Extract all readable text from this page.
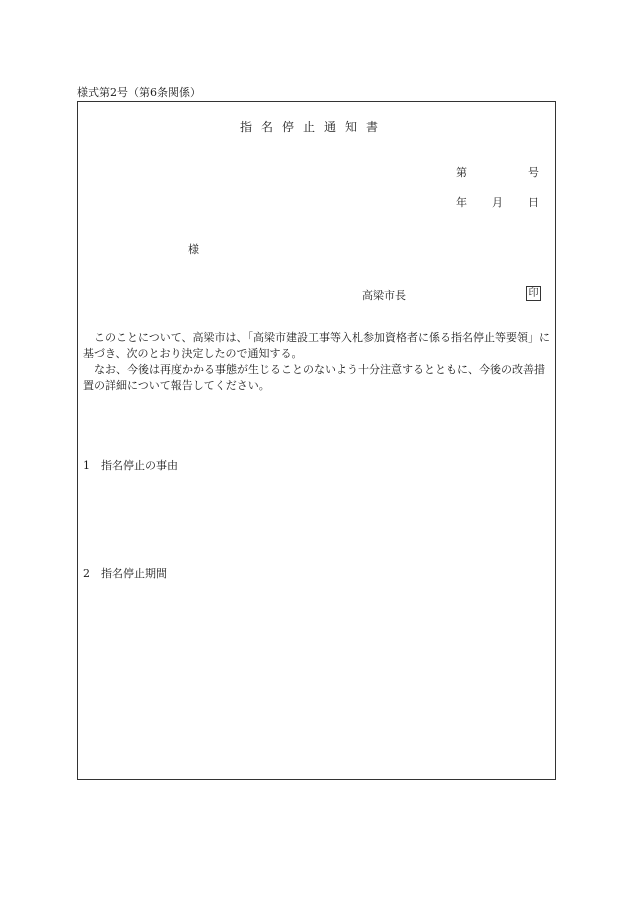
様式第2号（第6条関係）
指名停止通知書
第	号
年 月 日
様
高梁市長	印

このことについて、高梁市は、「高梁市建設工事等入札参加資格者に係る指名停止等要領」に基づき、次のとおり決定したので通知する。

なお、今後は再度かかる事態が生じることのないよう十分注意するとともに、今後の改善措置の詳細について報告してください。

1 指名停止の事由
2 指名停止期間
